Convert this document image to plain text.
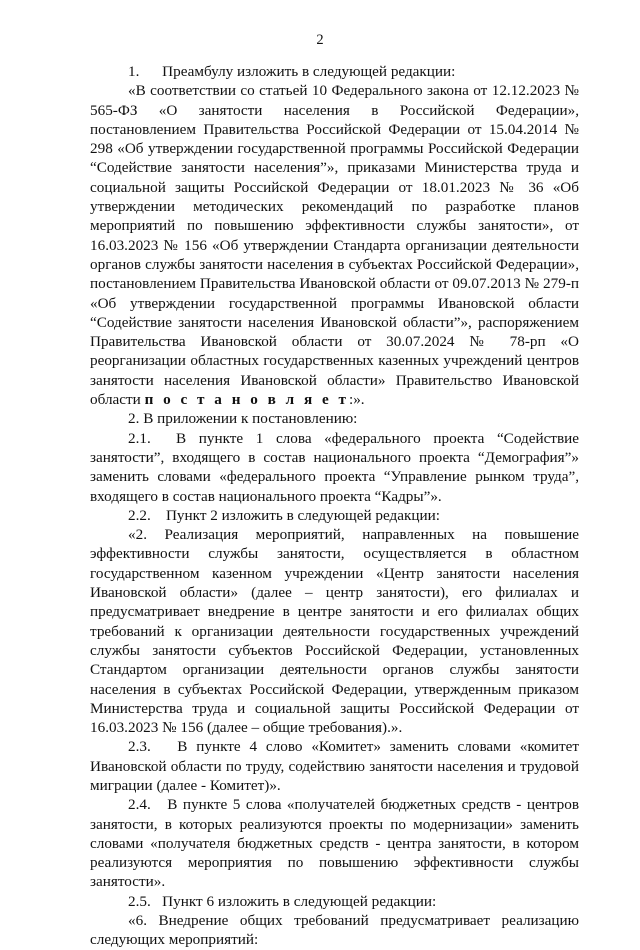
2

1.      Преамбулу изложить в следующей редакции:

«В соответствии со статьей 10 Федерального закона от 12.12.2023 № 565-ФЗ «О занятости населения в Российской Федерации», постановлением Правительства Российской Федерации от 15.04.2014 № 298 «Об утверждении государственной программы Российской Федерации “Содействие занятости населения”», приказами Министерства труда и социальной защиты Российской Федерации от 18.01.2023 № 36 «Об утверждении методических рекомендаций по разработке планов мероприятий по повышению эффективности службы занятости», от 16.03.2023 № 156 «Об утверждении Стандарта организации деятельности органов службы занятости населения в субъектах Российской Федерации», постановлением Правительства Ивановской области от 09.07.2013 № 279-п «Об утверждении государственной программы Ивановской области “Содействие занятости населения Ивановской области”», распоряжением Правительства Ивановской области от 30.07.2024 № 78-рп «О реорганизации областных государственных казенных учреждений центров занятости населения Ивановской области» Правительство Ивановской области п о с т а н о в л я е т:».

2. В приложении к постановлению:

2.1.  В пункте 1 слова «федерального проекта “Содействие занятости”, входящего в состав национального проекта “Демография”» заменить словами «федерального проекта “Управление рынком труда”, входящего в состав национального проекта “Кадры”».

2.2.    Пункт 2 изложить в следующей редакции:

«2. Реализация мероприятий, направленных на повышение эффективности службы занятости, осуществляется в областном государственном казенном учреждении «Центр занятости населения Ивановской области» (далее – центр занятости), его филиалах и предусматривает внедрение в центре занятости и его филиалах общих требований к организации деятельности государственных учреждений службы занятости субъектов Российской Федерации, установленных Стандартом организации деятельности органов службы занятости населения в субъектах Российской Федерации, утвержденным приказом Министерства труда и социальной защиты Российской Федерации от 16.03.2023 № 156 (далее – общие требования).».

2.3.   В пункте 4 слово «Комитет» заменить словами «комитет Ивановской области по труду, содействию занятости населения и трудовой миграции (далее - Комитет)».

2.4.   В пункте 5 слова «получателей бюджетных средств - центров занятости, в которых реализуются проекты по модернизации» заменить словами «получателя бюджетных средств - центра занятости, в котором реализуются мероприятия по повышению эффективности службы занятости».

2.5.   Пункт 6 изложить в следующей редакции:

«6. Внедрение общих требований предусматривает реализацию следующих мероприятий:
